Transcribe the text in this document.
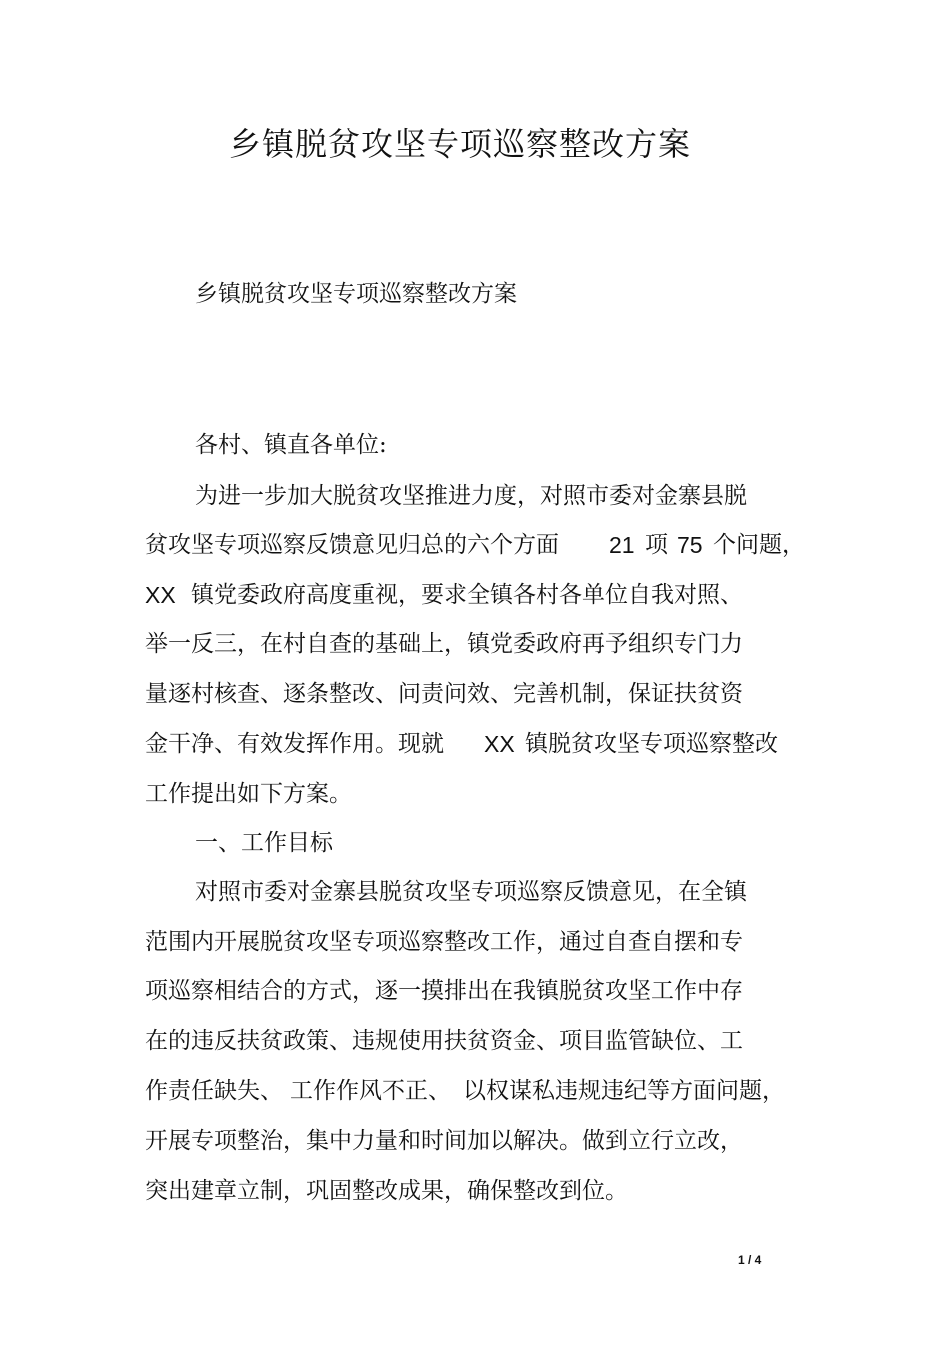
乡镇脱贫攻坚专项巡察整改方案
乡镇脱贫攻坚专项巡察整改方案
各村、镇直各单位:
为进一步加大脱贫攻坚推进力度，对照市委对金寨县脱
贫攻坚专项巡察反馈意见归总的六个方面 21 项 75 个问题，
XX 镇党委政府高度重视，要求全镇各村各单位自我对照、
举一反三，在村自查的基础上，镇党委政府再予组织专门力
量逐村核查、逐条整改、问责问效、完善机制，保证扶贫资
金干净、有效发挥作用。现就 XX 镇脱贫攻坚专项巡察整改
工作提出如下方案。
一、工作目标
对照市委对金寨县脱贫攻坚专项巡察反馈意见，在全镇
范围内开展脱贫攻坚专项巡察整改工作，通过自查自摆和专
项巡察相结合的方式，逐一摸排出在我镇脱贫攻坚工作中存
在的违反扶贫政策、违规使用扶贫资金、项目监管缺位、工
作责任缺失、 工作作风不正、 以权谋私违规违纪等方面问题，
开展专项整治，集中力量和时间加以解决。做到立行立改，
突出建章立制，巩固整改成果，确保整改到位。
1 / 4
